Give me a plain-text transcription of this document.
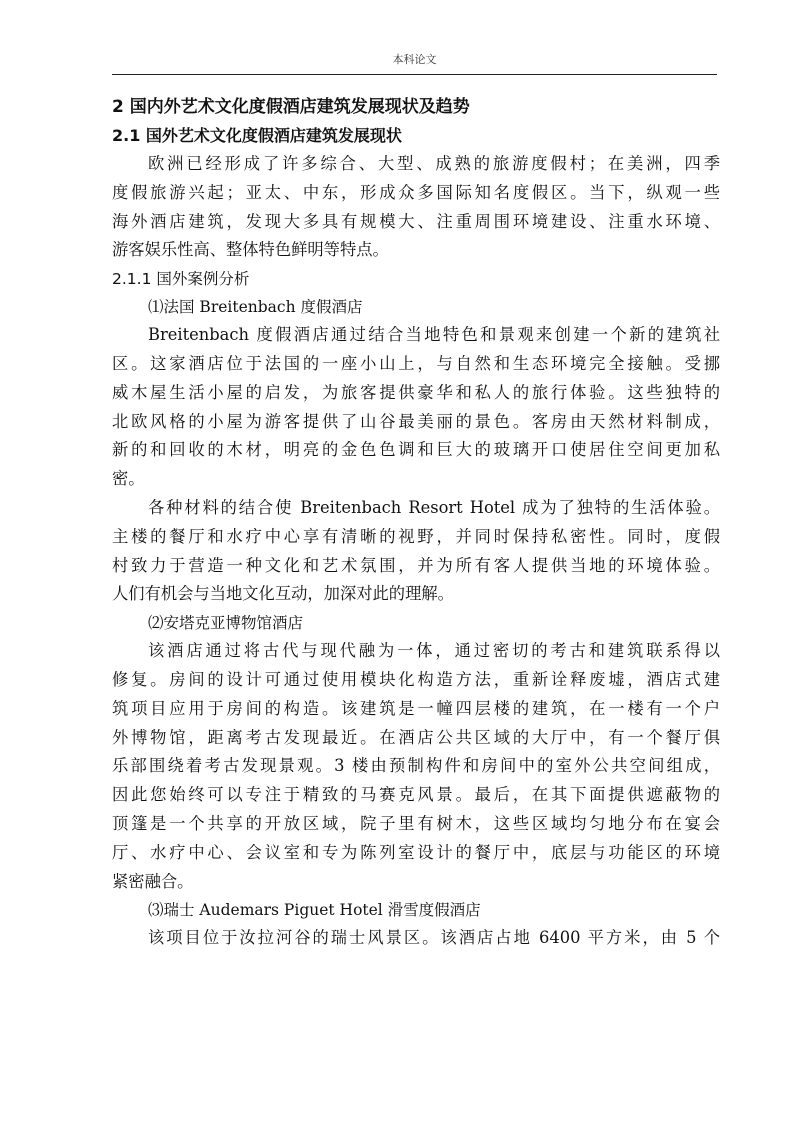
本科论文
2 国内外艺术文化度假酒店建筑发展现状及趋势
2.1 国外艺术文化度假酒店建筑发展现状
欧洲已经形成了许多综合、大型、成熟的旅游度假村；在美洲，四季
度假旅游兴起；亚太、中东，形成众多国际知名度假区。当下，纵观一些
海外酒店建筑，发现大多具有规模大、注重周围环境建设、注重水环境、
游客娱乐性高、整体特色鲜明等特点。
2.1.1 国外案例分析
⑴法国 Breitenbach 度假酒店
Breitenbach 度假酒店通过结合当地特色和景观来创建一个新的建筑社
区。这家酒店位于法国的一座小山上，与自然和生态环境完全接触。受挪
威木屋生活小屋的启发，为旅客提供豪华和私人的旅行体验。这些独特的
北欧风格的小屋为游客提供了山谷最美丽的景色。客房由天然材料制成，
新的和回收的木材，明亮的金色色调和巨大的玻璃开口使居住空间更加私
密。
各种材料的结合使 Breitenbach Resort Hotel 成为了独特的生活体验。
主楼的餐厅和水疗中心享有清晰的视野，并同时保持私密性。同时，度假
村致力于营造一种文化和艺术氛围，并为所有客人提供当地的环境体验。
人们有机会与当地文化互动，加深对此的理解。
⑵安塔克亚博物馆酒店
该酒店通过将古代与现代融为一体，通过密切的考古和建筑联系得以
修复。房间的设计可通过使用模块化构造方法，重新诠释废墟，酒店式建
筑项目应用于房间的构造。该建筑是一幢四层楼的建筑，在一楼有一个户
外博物馆，距离考古发现最近。在酒店公共区域的大厅中，有一个餐厅俱
乐部围绕着考古发现景观。3 楼由预制构件和房间中的室外公共空间组成，
因此您始终可以专注于精致的马赛克风景。最后，在其下面提供遮蔽物的
顶篷是一个共享的开放区域，院子里有树木，这些区域均匀地分布在宴会
厅、水疗中心、会议室和专为陈列室设计的餐厅中，底层与功能区的环境
紧密融合。
⑶瑞士 Audemars Piguet Hotel 滑雪度假酒店
该项目位于汝拉河谷的瑞士风景区。该酒店占地 6400 平方米，由 5 个
